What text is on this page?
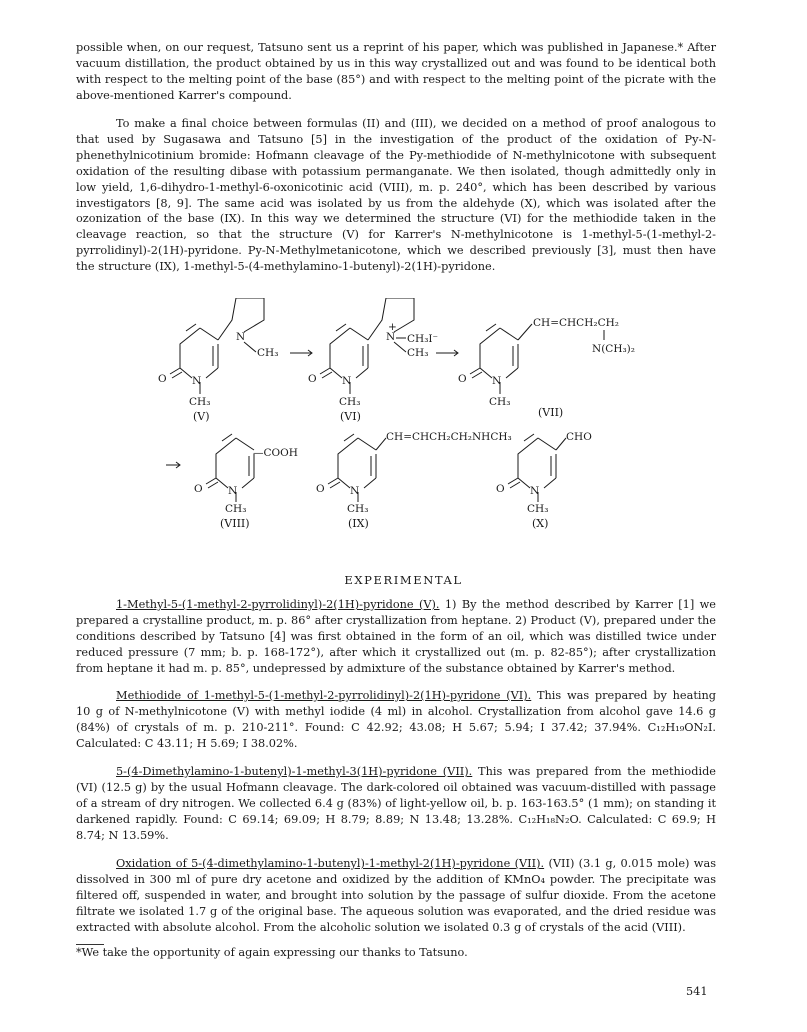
possible when, on our request, Tatsuno sent us a reprint of his paper, which was published in Japanese.* After vacuum distillation, the product obtained by us in this way crystallized out and was found to be identical both with respect to the melting point of the base (85°) and with respect to the melting point of the picrate with the above-mentioned Karrer's compound.

To make a final choice between formulas (II) and (III), we decided on a method of proof analogous to that used by Sugasawa and Tatsuno [5] in the investigation of the product of the oxidation of Py-N-phenethylnicotinium bromide: Hofmann cleavage of the Py-methiodide of N-methylnicotone with subsequent oxidation of the resulting dibase with potassium permanganate. We then isolated, though admittedly only in low yield, 1,6-dihydro-1-methyl-6-oxonicotinic acid (VIII), m. p. 240°, which has been described by various investigators [8, 9]. The same acid was isolated by us from the aldehyde (X), which was isolated after the ozonization of the base (IX). In this way we determined the structure (VI) for the methiodide taken in the cleavage reaction, so that the structure (V) for Karrer's N-methylnicotone is 1-methyl-5-(1-methyl-2-pyrrolidinyl)-2(1H)-pyridone. Py-N-Methylmetanicotone, which we described previously [3], must then have the structure (IX), 1-methyl-5-(4-methylamino-1-butenyl)-2(1H)-pyridone.

N
CH₃
N
O
CH₃
(V)
+
N CH₃I⁻
CH₃
N
O
CH₃
(VI)
CH=CHCH₂CH₂
N(CH₃)₂
N
O
CH₃
(VII)
—COOH
N
O
CH₃
(VIII)
CH=CHCH₂CH₂NHCH₃
N
O
CH₃
(IX)
CHO
N
O
CH₃
(X)
EXPERIMENTAL

1-Methyl-5-(1-methyl-2-pyrrolidinyl)-2(1H)-pyridone (V). 1) By the method described by Karrer [1] we prepared a crystalline product, m. p. 86° after crystallization from heptane. 2) Product (V), prepared under the conditions described by Tatsuno [4] was first obtained in the form of an oil, which was distilled twice under reduced pressure (7 mm; b. p. 168-172°), after which it crystallized out (m. p. 82-85°); after crystallization from heptane it had m. p. 85°, undepressed by admixture of the substance obtained by Karrer's method.

Methiodide of 1-methyl-5-(1-methyl-2-pyrrolidinyl)-2(1H)-pyridone (VI). This was prepared by heating 10 g of N-methylnicotone (V) with methyl iodide (4 ml) in alcohol. Crystallization from alcohol gave 14.6 g (84%) of crystals of m. p. 210-211°. Found: C 42.92; 43.08; H 5.67; 5.94; I 37.42; 37.94%. C₁₂H₁₉ON₂I. Calculated: C 43.11; H 5.69; I 38.02%.

5-(4-Dimethylamino-1-butenyl)-1-methyl-3(1H)-pyridone (VII). This was prepared from the methiodide (VI) (12.5 g) by the usual Hofmann cleavage. The dark-colored oil obtained was vacuum-distilled with passage of a stream of dry nitrogen. We collected 6.4 g (83%) of light-yellow oil, b. p. 163-163.5° (1 mm); on standing it darkened rapidly. Found: C 69.14; 69.09; H 8.79; 8.89; N 13.48; 13.28%. C₁₂H₁₈N₂O. Calculated: C 69.9; H 8.74; N 13.59%.

Oxidation of 5-(4-dimethylamino-1-butenyl)-1-methyl-2(1H)-pyridone (VII). (VII) (3.1 g, 0.015 mole) was dissolved in 300 ml of pure dry acetone and oxidized by the addition of KMnO₄ powder. The precipitate was filtered off, suspended in water, and brought into solution by the passage of sulfur dioxide. From the acetone filtrate we isolated 1.7 g of the original base. The aqueous solution was evaporated, and the dried residue was extracted with absolute alcohol. From the alcoholic solution we isolated 0.3 g of crystals of the acid (VIII).

*We take the opportunity of again expressing our thanks to Tatsuno.
541
